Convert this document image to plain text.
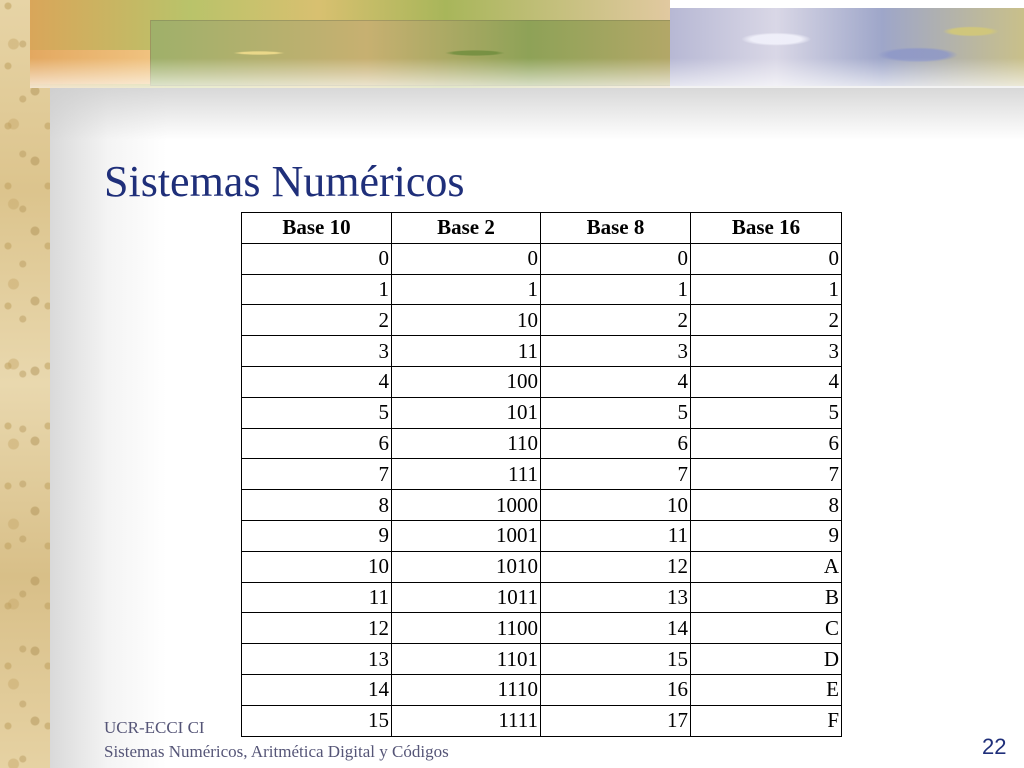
Sistemas Numéricos
Base 10	Base 2	Base 8	Base 16
0	0	0	0
1	1	1	1
2	10	2	2
3	11	3	3
4	100	4	4
5	101	5	5
6	110	6	6
7	111	7	7
8	1000	10	8
9	1001	11	9
10	1010	12	A
11	1011	13	B
12	1100	14	C
13	1101	15	D
14	1110	16	E
15	1111	17	F
UCR-ECCI CI
Sistemas Numéricos, Aritmética Digital y Códigos	22
